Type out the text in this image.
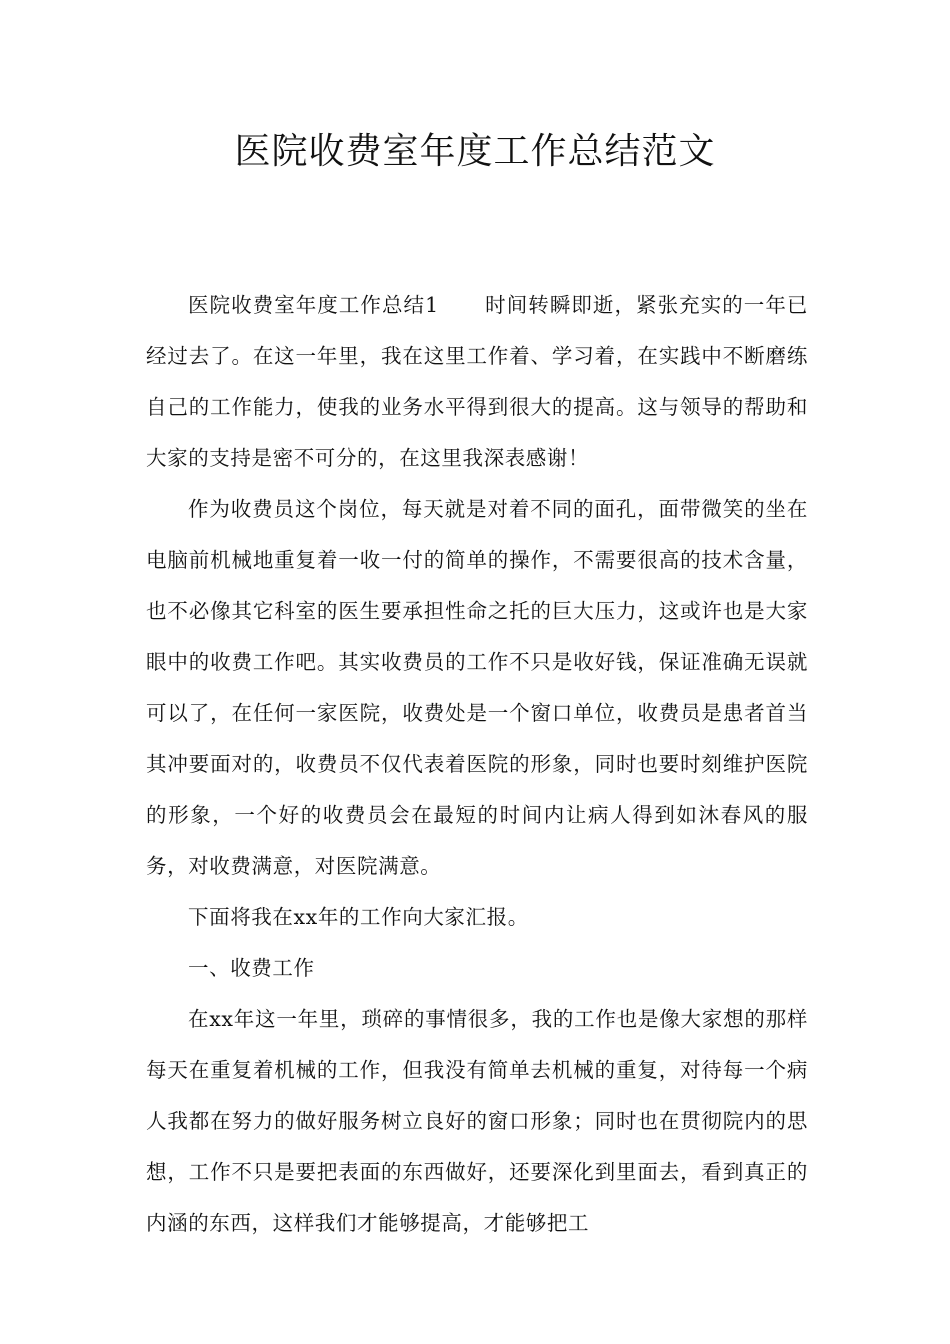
医院收费室年度工作总结范文

医院收费室年度工作总结1 时间转瞬即逝，紧张充实的一年已经过去了。在这一年里，我在这里工作着、学习着，在实践中不断磨练自己的工作能力，使我的业务水平得到很大的提高。这与领导的帮助和大家的支持是密不可分的，在这里我深表感谢！

作为收费员这个岗位，每天就是对着不同的面孔，面带微笑的坐在电脑前机械地重复着一收一付的简单的操作，不需要很高的技术含量，也不必像其它科室的医生要承担性命之托的巨大压力，这或许也是大家眼中的收费工作吧。其实收费员的工作不只是收好钱，保证准确无误就可以了，在任何一家医院，收费处是一个窗口单位，收费员是患者首当其冲要面对的，收费员不仅代表着医院的形象，同时也要时刻维护医院的形象，一个好的收费员会在最短的时间内让病人得到如沐春风的服务，对收费满意，对医院满意。

下面将我在xx年的工作向大家汇报。

一、收费工作

在xx年这一年里，琐碎的事情很多，我的工作也是像大家想的那样每天在重复着机械的工作，但我没有简单去机械的重复，对待每一个病人我都在努力的做好服务树立良好的窗口形象；同时也在贯彻院内的思想，工作不只是要把表面的东西做好，还要深化到里面去，看到真正的内涵的东西，这样我们才能够提高，才能够把工
